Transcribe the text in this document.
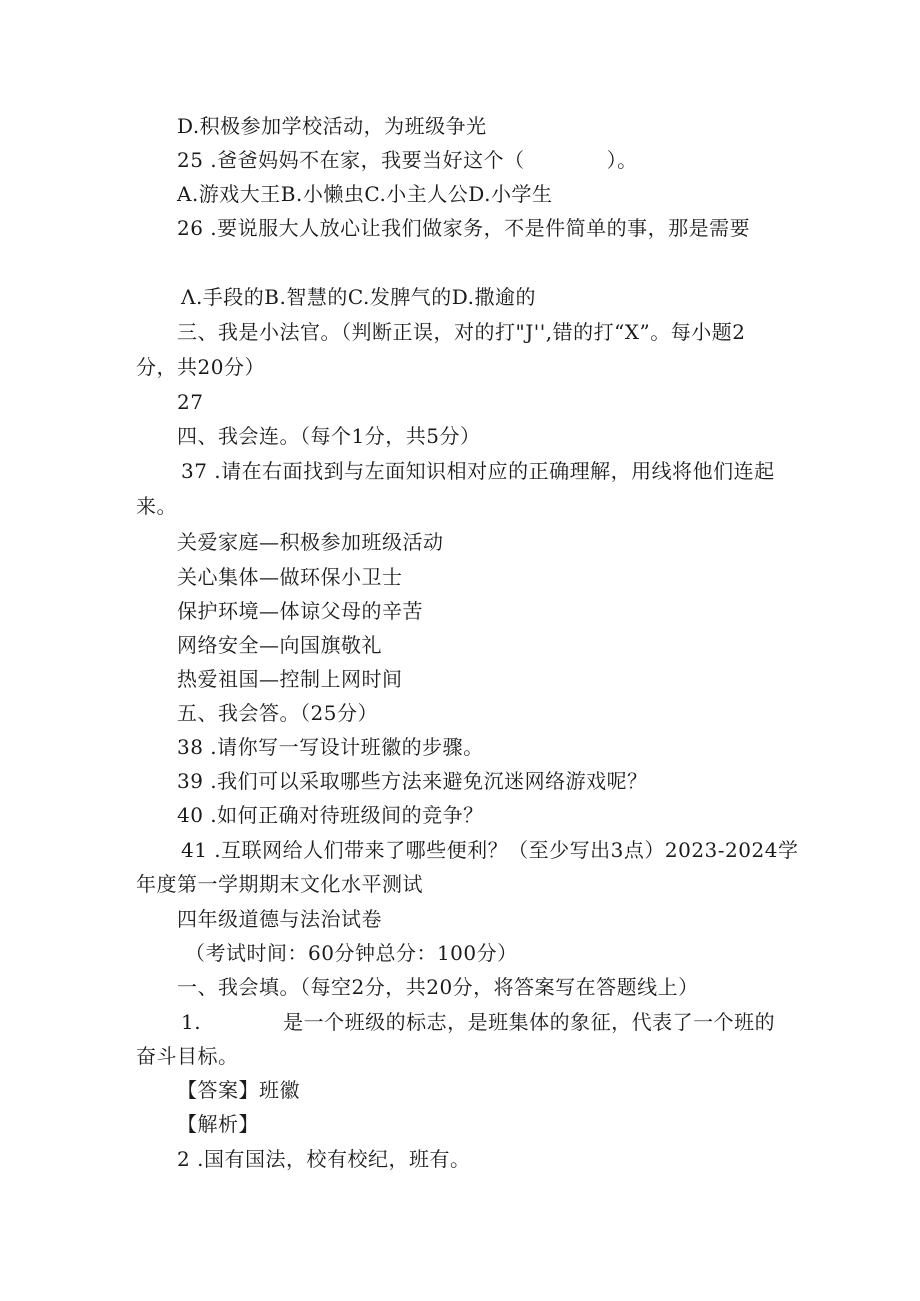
D.积极参加学校活动，为班级争光
25 .爸爸妈妈不在家，我要当好这个（　　　　）。
A.游戏大王B.小懒虫C.小主人公D.小学生
26 .要说服大人放心让我们做家务，不是件简单的事，那是需要
Λ.手段的B.智慧的C.发脾气的D.撒逾的
三、我是小法官。（判断正误，对的打"J'',错的打“X”。每小题2
分，共20分）
27
四、我会连。（每个1分，共5分）
37 .请在右面找到与左面知识相对应的正确理解，用线将他们连起
来。
关爱家庭—积极参加班级活动
关心集体—做环保小卫士
保护环境—体谅父母的辛苦
网络安全—向国旗敬礼
热爱祖国—控制上网时间
五、我会答。（25分）
38 .请你写一写设计班徽的步骤。
39 .我们可以采取哪些方法来避免沉迷网络游戏呢？
40 .如何正确对待班级间的竞争？
41 .互联网给人们带来了哪些便利？（至少写出3点）2023-2024学
年度第一学期期末文化水平测试
四年级道德与法治试卷
（考试时间：60分钟总分：100分）
一、我会填。（每空2分，共20分，将答案写在答题线上）
1.　　　　是一个班级的标志，是班集体的象征，代表了一个班的
奋斗目标。
【答案】班徽
【解析】
2 .国有国法，校有校纪，班有。
